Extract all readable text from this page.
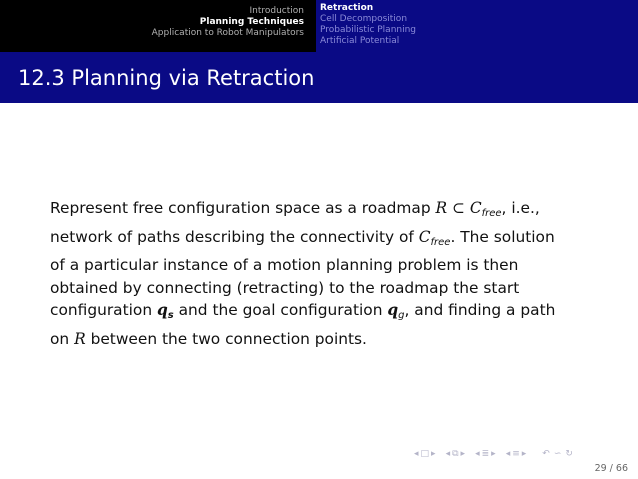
Introduction
Planning Techniques
Application to Robot Manipulators
Retraction
Cell Decomposition
Probabilistic Planning
Artificial Potential
12.3 Planning via Retraction
Represent free configuration space as a roadmap R ⊂ $C_{free}$, i.e.,
network of paths describing the connectivity of $C_{free}$. The solution
of a particular instance of a motion planning problem is then
obtained by connecting (retracting) to the roadmap the start
configuration $q_s$ and the goal configuration $q_g$, and finding a path
on R between the two connection points.
◂ □ ▸ ◂ ⧉ ▸ ◂ ≣ ▸ ◂ ≡ ▸ ↶ ∽ ↻
29 / 66
